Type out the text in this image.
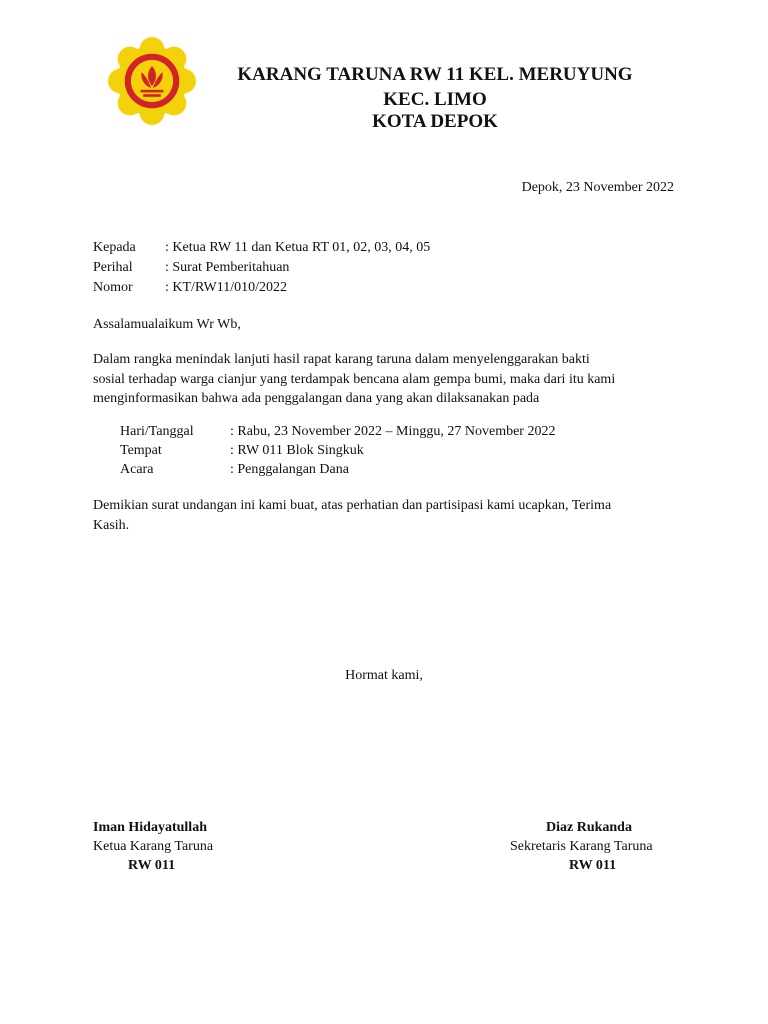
KARANG TARUNA RW 11 KEL. MERUYUNG
KEC. LIMO
KOTA DEPOK
Depok, 23 November 2022
Kepada : Ketua RW 11 dan Ketua RT 01, 02, 03, 04, 05
Perihal : Surat Pemberitahuan
Nomor : KT/RW11/010/2022
Assalamualaikum Wr Wb,
Dalam rangka menindak lanjuti hasil rapat karang taruna dalam menyelenggarakan bakti
sosial terhadap warga cianjur yang terdampak bencana alam gempa bumi, maka dari itu kami
menginformasikan bahwa ada penggalangan dana yang akan dilaksanakan pada
Hari/Tanggal	: Rabu, 23 November 2022 – Minggu, 27 November 2022
Tempat	: RW 011 Blok Singkuk
Acara	: Penggalangan Dana
Demikian surat undangan ini kami buat, atas perhatian dan partisipasi kami ucapkan, Terima
Kasih.
Hormat kami,
Iman Hidayatullah
Ketua Karang Taruna
RW 011
Diaz Rukanda
Sekretaris Karang Taruna
RW 011
